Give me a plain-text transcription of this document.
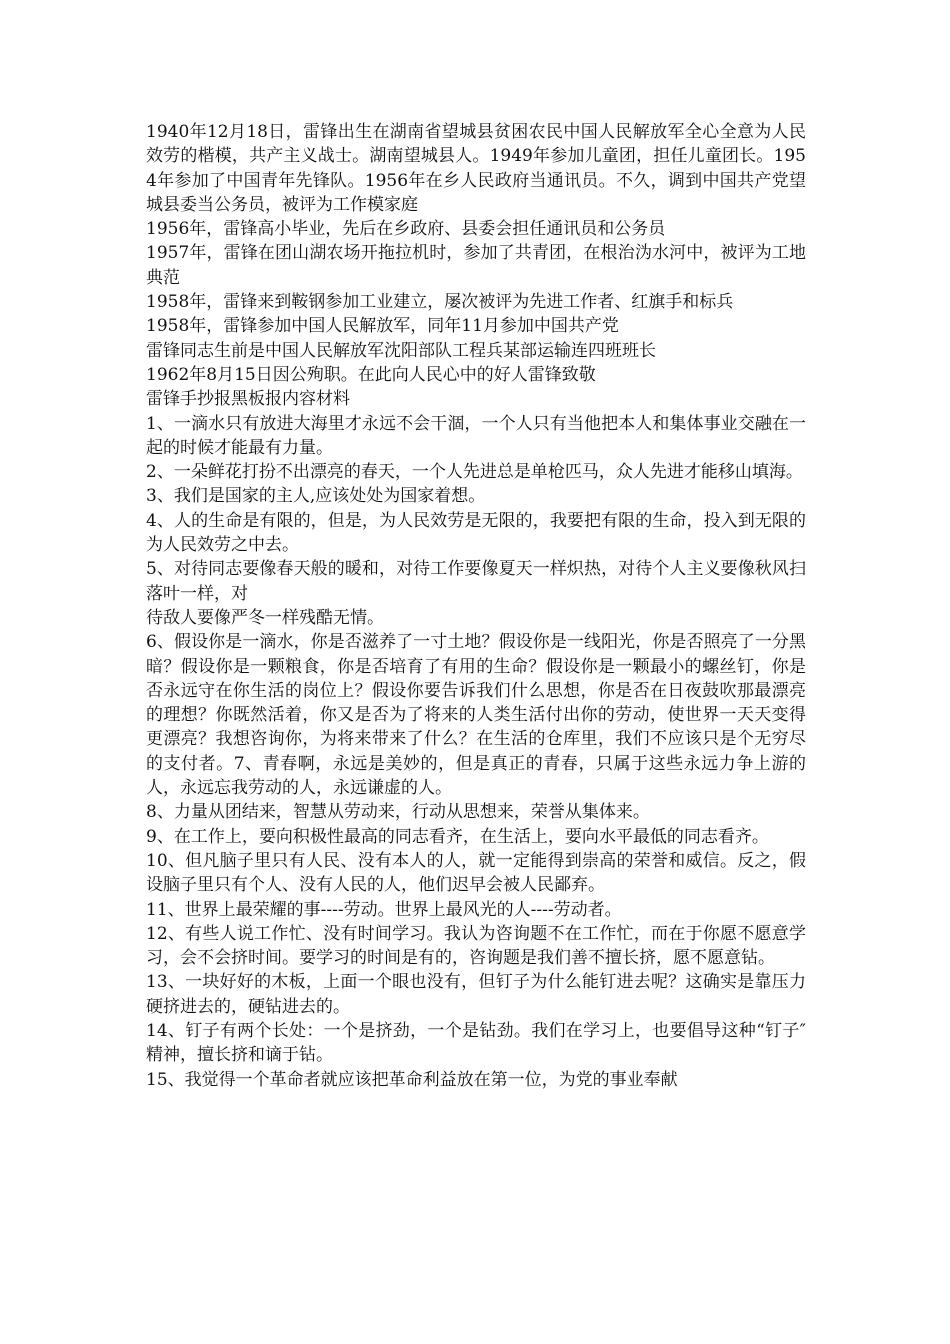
1940年12月18日，雷锋出生在湖南省望城县贫困农民中国人民解放军全心全意为人民效劳的楷模，共产主义战士。湖南望城县人。1949年参加儿童团，担任儿童团长。1954年参加了中国青年先锋队。1956年在乡人民政府当通讯员。不久，调到中国共产党望城县委当公务员，被评为工作模家庭

1956年，雷锋高小毕业，先后在乡政府、县委会担任通讯员和公务员

1957年，雷锋在团山湖农场开拖拉机时，参加了共青团，在根治沩水河中，被评为工地典范

1958年，雷锋来到鞍钢参加工业建立，屡次被评为先进工作者、红旗手和标兵

1958年，雷锋参加中国人民解放军，同年11月参加中国共产党

雷锋同志生前是中国人民解放军沈阳部队工程兵某部运输连四班班长

1962年8月15日因公殉职。在此向人民心中的好人雷锋致敬

雷锋手抄报黑板报内容材料

1、一滴水只有放进大海里才永远不会干涸，一个人只有当他把本人和集体事业交融在一起的时候才能最有力量。

2、一朵鲜花打扮不出漂亮的春天，一个人先进总是单枪匹马，众人先进才能移山填海。

3、我们是国家的主人,应该处处为国家着想。

4、人的生命是有限的，但是，为人民效劳是无限的，我要把有限的生命，投入到无限的为人民效劳之中去。

5、对待同志要像春天般的暖和，对待工作要像夏天一样炽热，对待个人主义要像秋风扫落叶一样，对

待敌人要像严冬一样残酷无情。

6、假设你是一滴水，你是否滋养了一寸土地？假设你是一线阳光，你是否照亮了一分黑暗？假设你是一颗粮食，你是否培育了有用的生命？假设你是一颗最小的螺丝钉，你是否永远守在你生活的岗位上？假设你要告诉我们什么思想，你是否在日夜鼓吹那最漂亮的理想？你既然活着，你又是否为了将来的人类生活付出你的劳动，使世界一天天变得更漂亮？我想咨询你，为将来带来了什么？在生活的仓库里，我们不应该只是个无穷尽的支付者。7、青春啊，永远是美妙的，但是真正的青春，只属于这些永远力争上游的人，永远忘我劳动的人，永远谦虚的人。

8、力量从团结来，智慧从劳动来，行动从思想来，荣誉从集体来。

9、在工作上，要向积极性最高的同志看齐，在生活上，要向水平最低的同志看齐。

10、但凡脑子里只有人民、没有本人的人，就一定能得到崇高的荣誉和威信。反之，假设脑子里只有个人、没有人民的人，他们迟早会被人民鄙弃。

11、世界上最荣耀的事----劳动。世界上最风光的人----劳动者。

12、有些人说工作忙、没有时间学习。我认为咨询题不在工作忙，而在于你愿不愿意学习，会不会挤时间。要学习的时间是有的，咨询题是我们善不擅长挤，愿不愿意钻。

13、一块好好的木板，上面一个眼也没有，但钉子为什么能钉进去呢？这确实是靠压力硬挤进去的，硬钻进去的。

14、钉子有两个长处：一个是挤劲，一个是钻劲。我们在学习上，也要倡导这种“钉子″精神，擅长挤和谪于钻。

15、我觉得一个革命者就应该把革命利益放在第一位，为党的事业奉献
